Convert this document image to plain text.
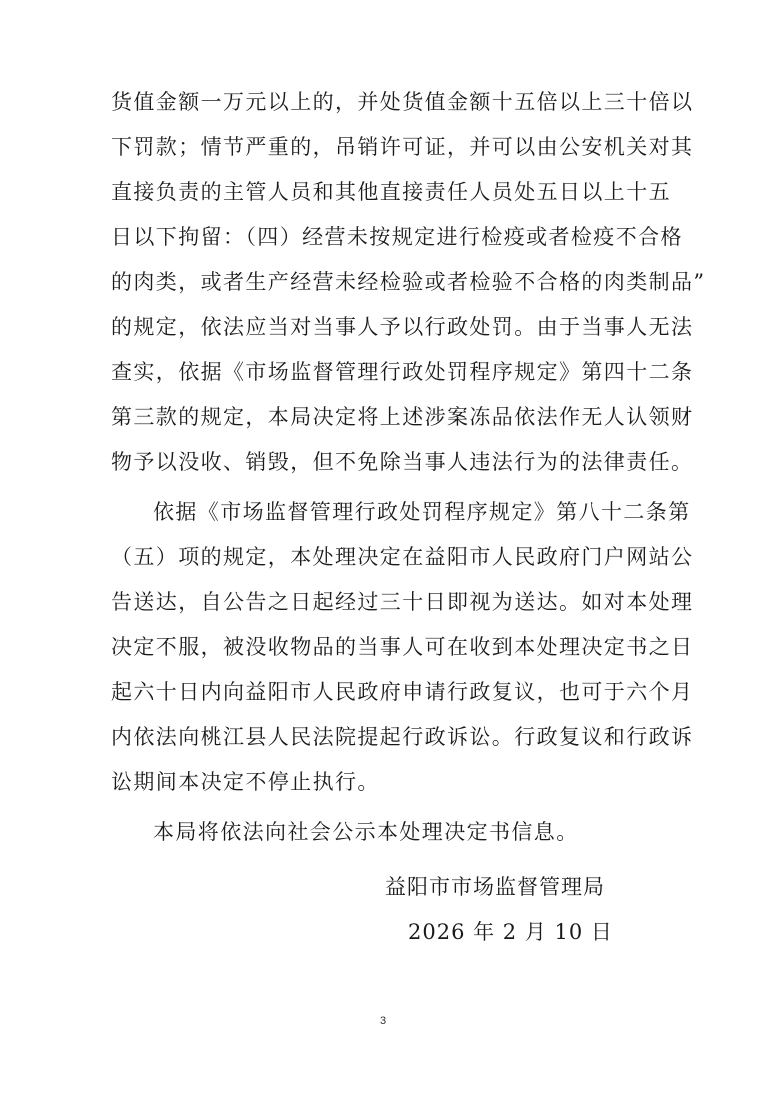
货值金额一万元以上的，并处货值金额十五倍以上三十倍以
下罚款；情节严重的，吊销许可证，并可以由公安机关对其
直接负责的主管人员和其他直接责任人员处五日以上十五
日以下拘留：（四）经营未按规定进行检疫或者检疫不合格
的肉类，或者生产经营未经检验或者检验不合格的肉类制品”
的规定，依法应当对当事人予以行政处罚。由于当事人无法
查实，依据《市场监督管理行政处罚程序规定》第四十二条
第三款的规定，本局决定将上述涉案冻品依法作无人认领财
物予以没收、销毁，但不免除当事人违法行为的法律责任。
依据《市场监督管理行政处罚程序规定》第八十二条第
（五）项的规定，本处理决定在益阳市人民政府门户网站公
告送达，自公告之日起经过三十日即视为送达。如对本处理
决定不服，被没收物品的当事人可在收到本处理决定书之日
起六十日内向益阳市人民政府申请行政复议，也可于六个月
内依法向桃江县人民法院提起行政诉讼。行政复议和行政诉
讼期间本决定不停止执行。
本局将依法向社会公示本处理决定书信息。
益阳市市场监督管理局
2026 年 2 月 10 日
3
